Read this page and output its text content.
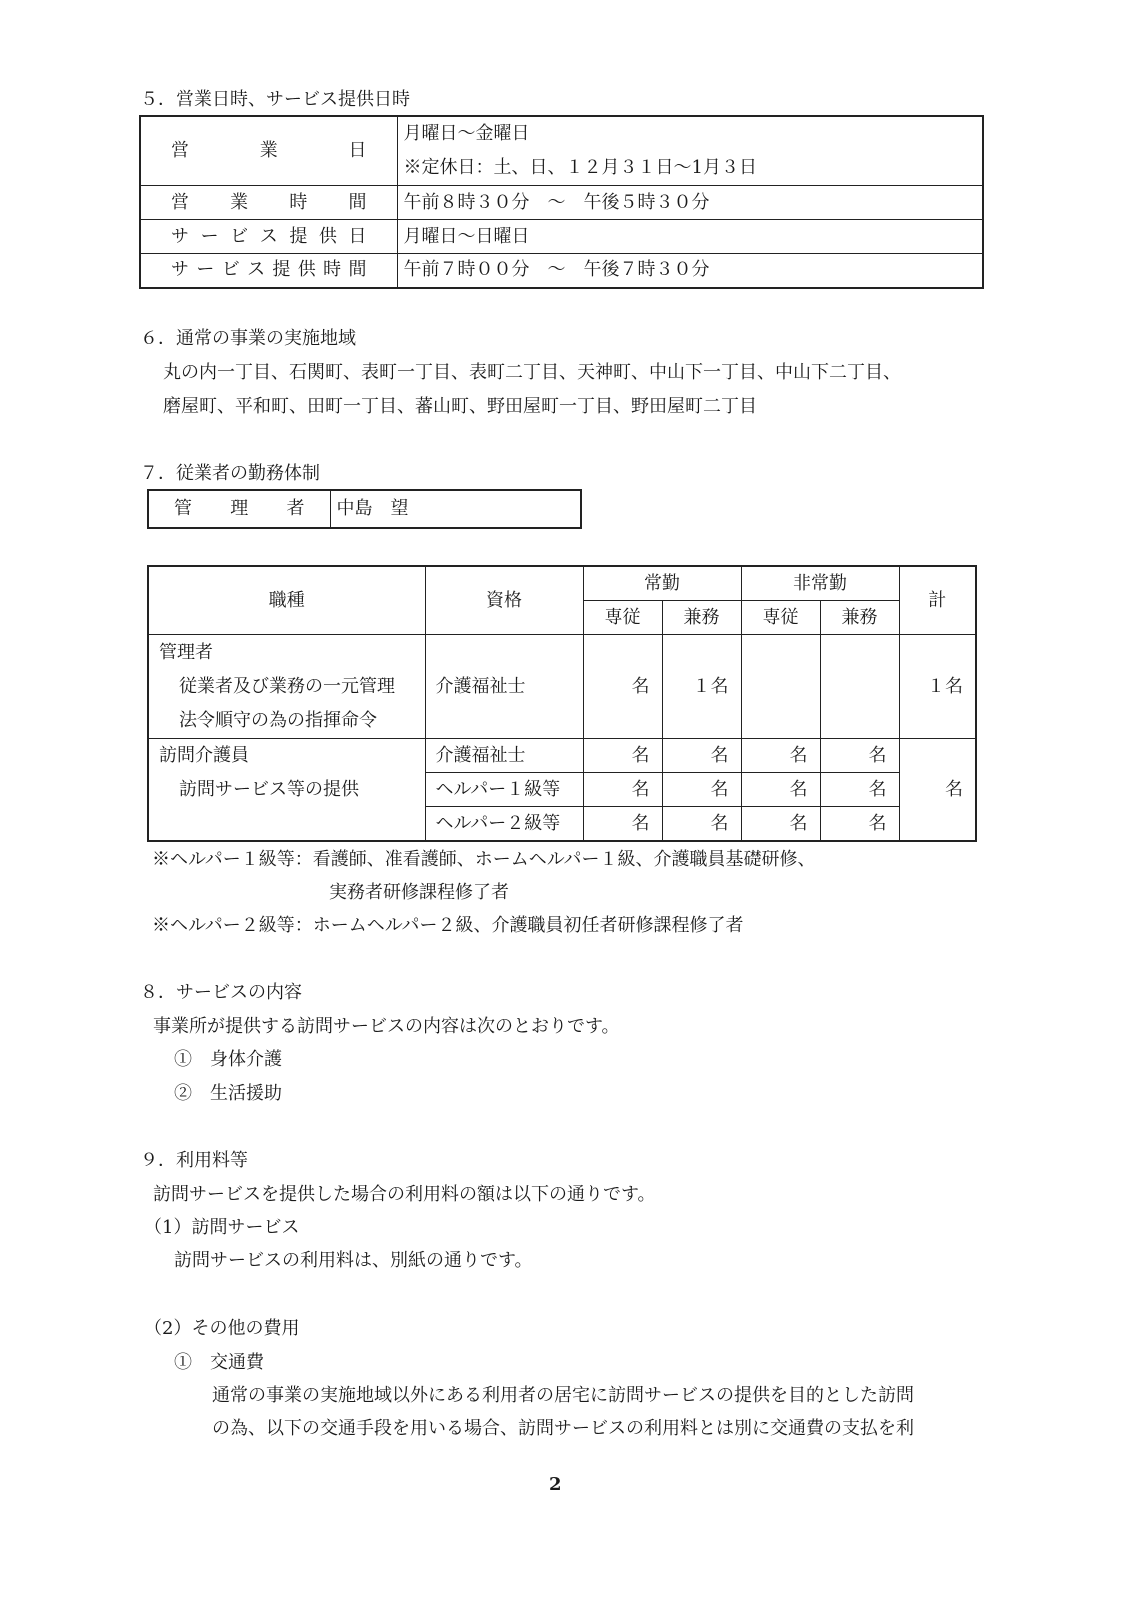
５．営業日時、サービス提供日時
営業日	月曜日～金曜日
※定休日：土、日、１２月３１日～1月３日

営業時間	午前８時３０分　～　午後５時３０分
サービス提供日	月曜日～日曜日
サービス提供時間	午前７時００分　～　午後７時３０分
６．通常の事業の実施地域
丸の内一丁目、石関町、表町一丁目、表町二丁目、天神町、中山下一丁目、中山下二丁目、
磨屋町、平和町、田町一丁目、蕃山町、野田屋町一丁目、野田屋町二丁目
７．従業者の勤務体制
管理者	中島　望
職種	資格	常勤		非常勤		計
		専従	兼務	専従	兼務	

管理者
従業者及び業務の一元管理
法令順守の為の指揮命令	介護福祉士	名	１名			１名

訪問介護員
訪問サービス等の提供	介護福祉士	名	名	名	名	名
	ヘルパー１級等	名	名	名	名	
	ヘルパー２級等	名	名	名	名	
※ヘルパー１級等：看護師、准看護師、ホームヘルパー１級、介護職員基礎研修、
実務者研修課程修了者
※ヘルパー２級等：ホームヘルパー２級、介護職員初任者研修課程修了者
８．サービスの内容
事業所が提供する訪問サービスの内容は次のとおりです。
①　身体介護
②　生活援助
９．利用料等
訪問サービスを提供した場合の利用料の額は以下の通りです。
（1）訪問サービス
訪問サービスの利用料は、別紙の通りです。
（2）その他の費用
①　交通費
通常の事業の実施地域以外にある利用者の居宅に訪問サービスの提供を目的とした訪問
の為、以下の交通手段を用いる場合、訪問サービスの利用料とは別に交通費の支払を利
2
